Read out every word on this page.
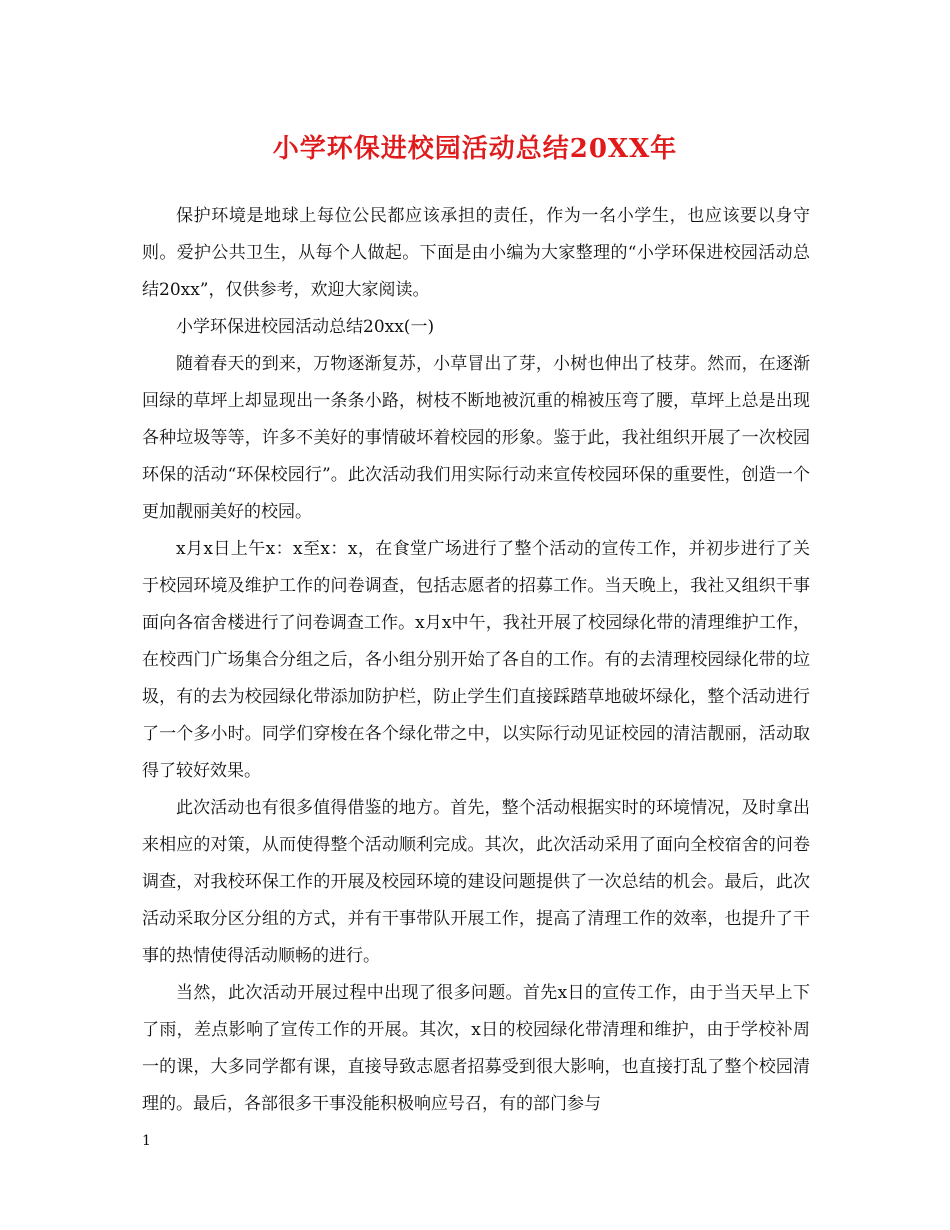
小学环保进校园活动总结20XX年

保护环境是地球上每位公民都应该承担的责任，作为一名小学生，也应该要以身守则。爱护公共卫生，从每个人做起。下面是由小编为大家整理的“小学环保进校园活动总结20xx”，仅供参考，欢迎大家阅读。

小学环保进校园活动总结20xx(一)

随着春天的到来，万物逐渐复苏，小草冒出了芽，小树也伸出了枝芽。然而，在逐渐回绿的草坪上却显现出一条条小路，树枝不断地被沉重的棉被压弯了腰，草坪上总是出现各种垃圾等等，许多不美好的事情破坏着校园的形象。鉴于此，我社组织开展了一次校园环保的活动“环保校园行”。此次活动我们用实际行动来宣传校园环保的重要性，创造一个更加靓丽美好的校园。

x月x日上午x：x至x：x，在食堂广场进行了整个活动的宣传工作，并初步进行了关于校园环境及维护工作的问卷调查，包括志愿者的招募工作。当天晚上，我社又组织干事面向各宿舍楼进行了问卷调查工作。x月x中午，我社开展了校园绿化带的清理维护工作，在校西门广场集合分组之后，各小组分别开始了各自的工作。有的去清理校园绿化带的垃圾，有的去为校园绿化带添加防护栏，防止学生们直接踩踏草地破坏绿化，整个活动进行了一个多小时。同学们穿梭在各个绿化带之中，以实际行动见证校园的清洁靓丽，活动取得了较好效果。

此次活动也有很多值得借鉴的地方。首先，整个活动根据实时的环境情况，及时拿出来相应的对策，从而使得整个活动顺利完成。其次，此次活动采用了面向全校宿舍的问卷调查，对我校环保工作的开展及校园环境的建设问题提供了一次总结的机会。最后，此次活动采取分区分组的方式，并有干事带队开展工作，提高了清理工作的效率，也提升了干事的热情使得活动顺畅的进行。

当然，此次活动开展过程中出现了很多问题。首先x日的宣传工作，由于当天早上下了雨，差点影响了宣传工作的开展。其次，x日的校园绿化带清理和维护，由于学校补周一的课，大多同学都有课，直接导致志愿者招募受到很大影响，也直接打乱了整个校园清理的。最后，各部很多干事没能积极响应号召，有的部门参与

1
